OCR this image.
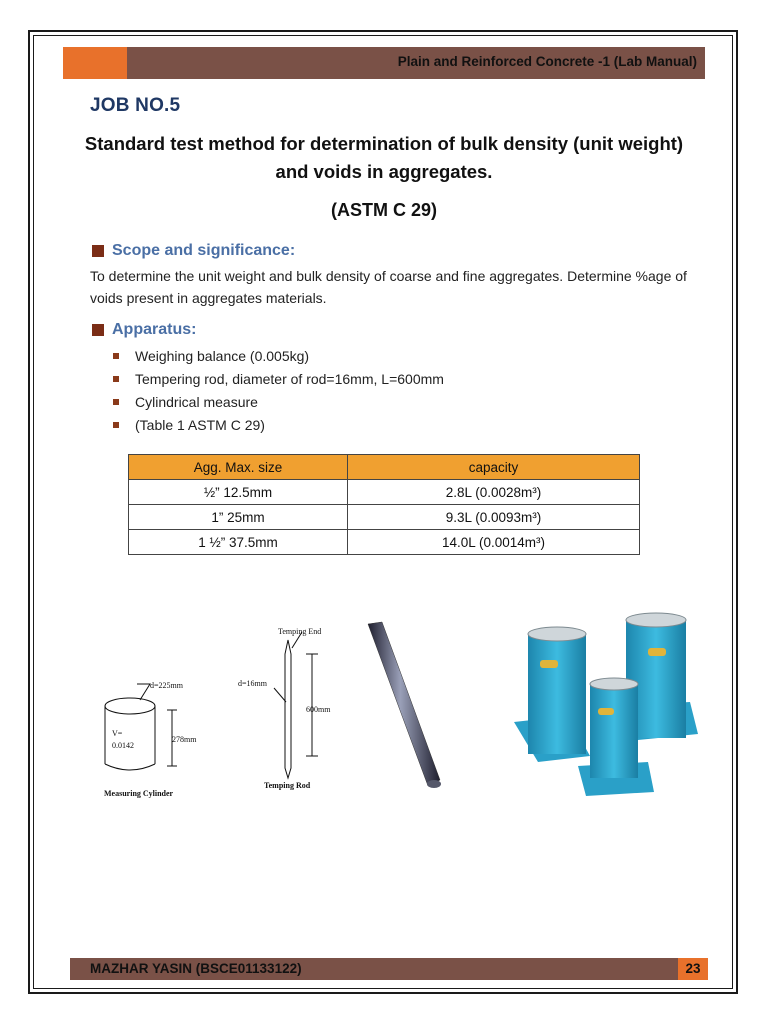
Plain and Reinforced Concrete -1 (Lab Manual)
JOB NO.5
Standard test method for determination of bulk density (unit weight) and voids in aggregates.
(ASTM C 29)
Scope and significance:
To determine the unit weight and bulk density of coarse and fine aggregates. Determine %age of voids present in aggregates materials.
Apparatus:
Weighing balance (0.005kg)
Tempering rod, diameter of rod=16mm, L=600mm
Cylindrical measure
(Table 1 ASTM C 29)
Agg. Max. size	capacity
½” 12.5mm	2.8L (0.0028m³)
1” 25mm	9.3L (0.0093m³)
1 ½” 37.5mm	14.0L (0.0014m³)
d=225mm
V=
0.0142
278mm
Measuring Cylinder
Temping End
d=16mm
600mm
Temping Rod
MAZHAR YASIN (BSCE01133122)	23
